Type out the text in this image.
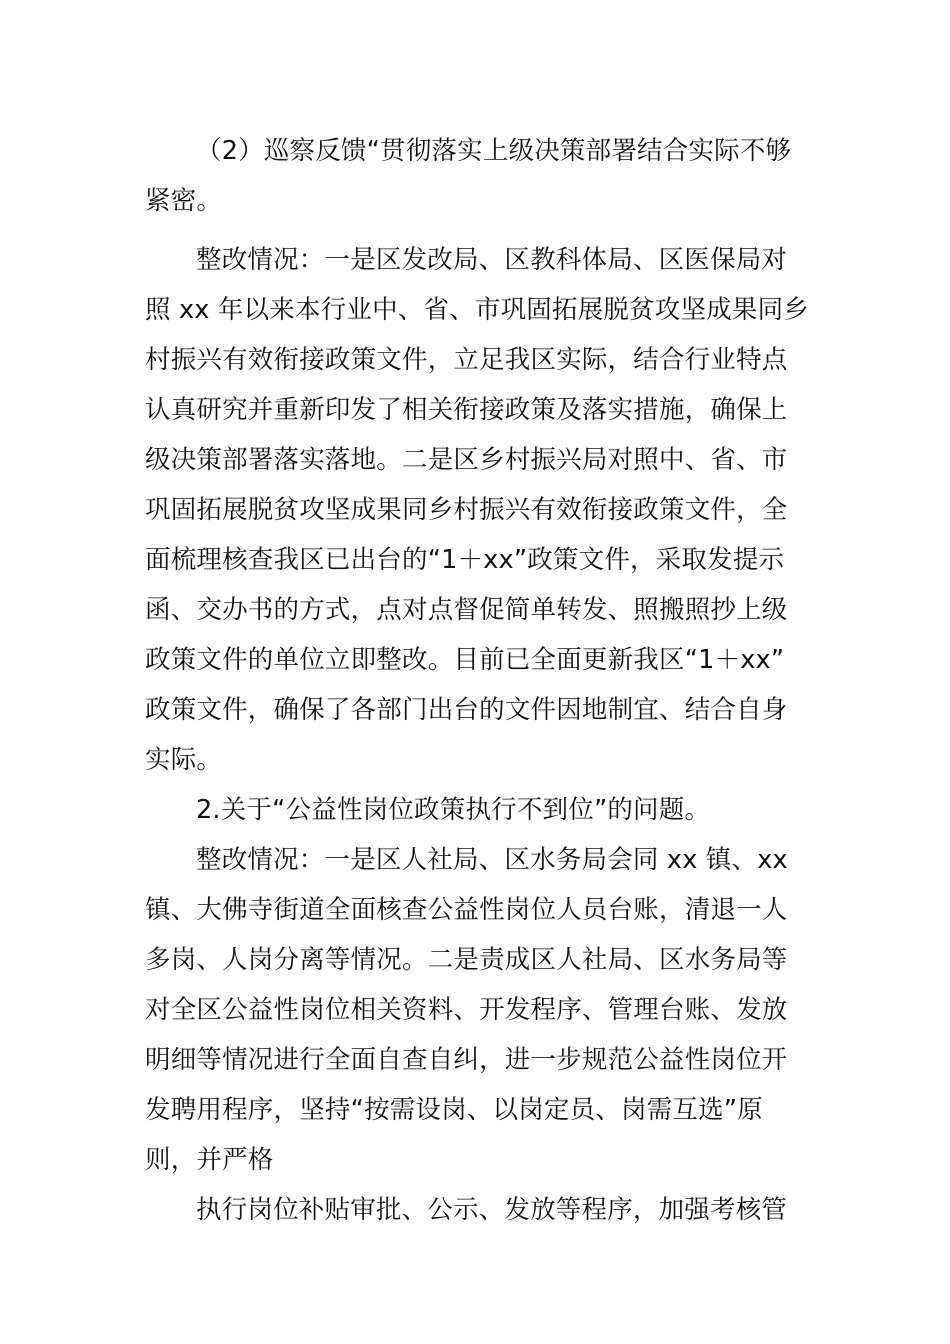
（2）巡察反馈“贯彻落实上级决策部署结合实际不够
紧密。
整改情况：一是区发改局、区教科体局、区医保局对
照 xx 年以来本行业中、省、市巩固拓展脱贫攻坚成果同乡
村振兴有效衔接政策文件，立足我区实际，结合行业特点
认真研究并重新印发了相关衔接政策及落实措施，确保上
级决策部署落实落地。二是区乡村振兴局对照中、省、市
巩固拓展脱贫攻坚成果同乡村振兴有效衔接政策文件，全
面梳理核查我区已出台的“1＋xx”政策文件，采取发提示
函、交办书的方式，点对点督促简单转发、照搬照抄上级
政策文件的单位立即整改。目前已全面更新我区“1＋xx”
政策文件，确保了各部门出台的文件因地制宜、结合自身
实际。
2.关于“公益性岗位政策执行不到位”的问题。
整改情况：一是区人社局、区水务局会同 xx 镇、xx
镇、大佛寺街道全面核查公益性岗位人员台账，清退一人
多岗、人岗分离等情况。二是责成区人社局、区水务局等
对全区公益性岗位相关资料、开发程序、管理台账、发放
明细等情况进行全面自查自纠，进一步规范公益性岗位开
发聘用程序，坚持“按需设岗、以岗定员、岗需互选”原
则，并严格
执行岗位补贴审批、公示、发放等程序，加强考核管
